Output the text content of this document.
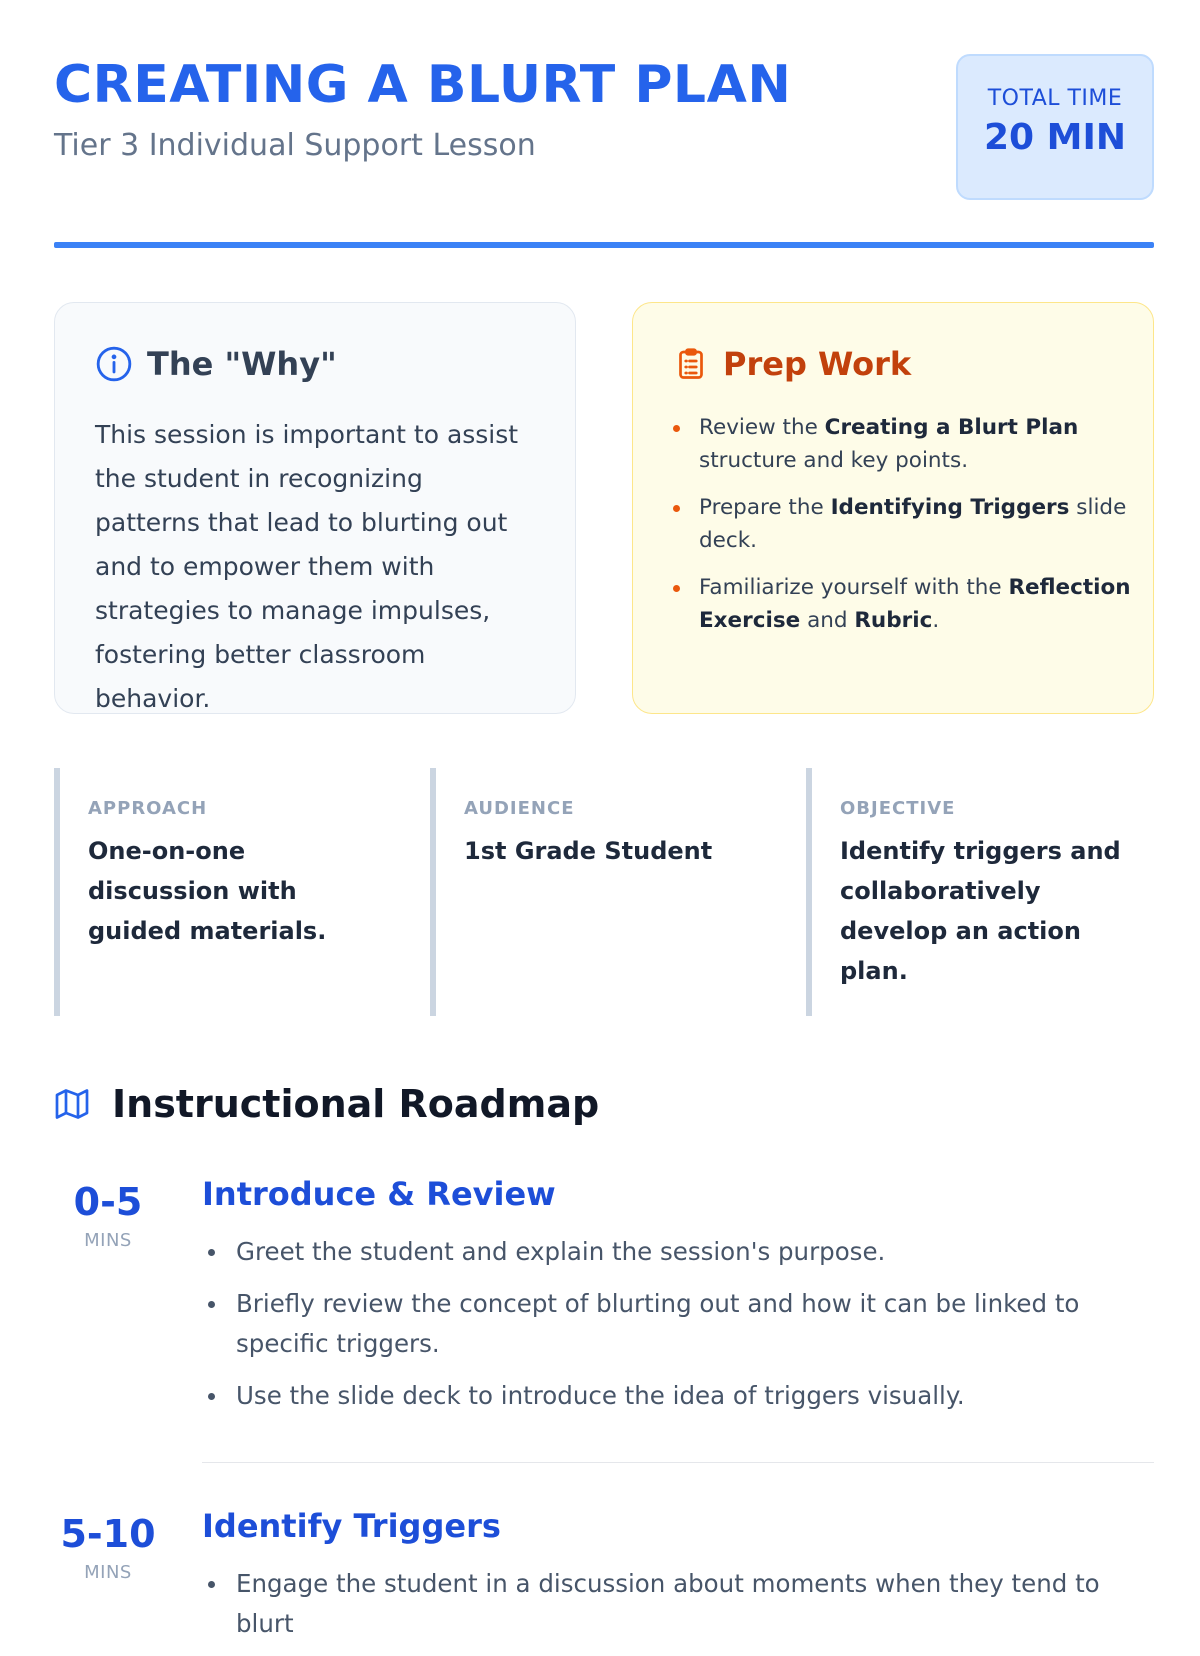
CREATING A BLURT PLAN
Tier 3 Individual Support Lesson
TOTAL TIME
20 MIN
The "Why"

This session is important to assist the student in recognizing patterns that lead to blurting out and to empower them with strategies to manage impulses, fostering better classroom behavior.

Prep Work
Review the Creating a Blurt Plan structure and key points.
Prepare the Identifying Triggers slide deck.
Familiarize yourself with the Reflection Exercise and Rubric.
APPROACH
One-on-one discussion with guided materials.
AUDIENCE
1st Grade Student
OBJECTIVE
Identify triggers and collaboratively develop an action plan.
Instructional Roadmap
0-5
MINS
Introduce & Review
Greet the student and explain the session's purpose.
Briefly review the concept of blurting out and how it can be linked to specific triggers.
Use the slide deck to introduce the idea of triggers visually.
5-10
MINS
Identify Triggers
Engage the student in a discussion about moments when they tend to blurt
